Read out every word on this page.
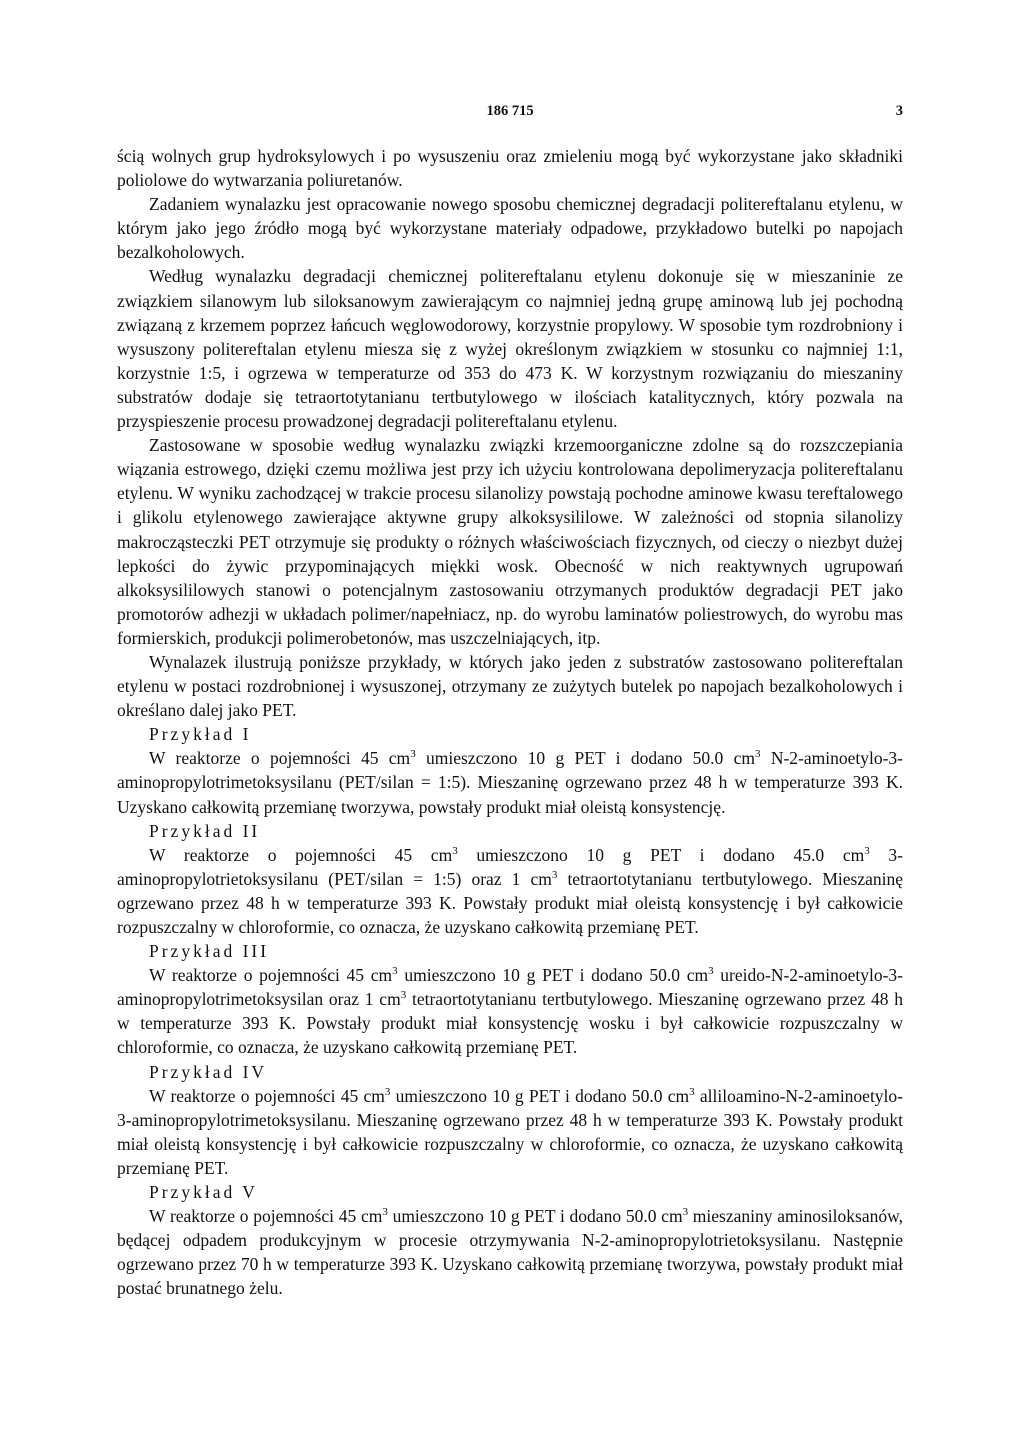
186 715	3

ścią wolnych grup hydroksylowych i po wysuszeniu oraz zmieleniu mogą być wykorzystane jako składniki poliolowe do wytwarzania poliuretanów.

Zadaniem wynalazku jest opracowanie nowego sposobu chemicznej degradacji politereftalanu etylenu, w którym jako jego źródło mogą być wykorzystane materiały odpadowe, przykładowo butelki po napojach bezalkoholowych.

Według wynalazku degradacji chemicznej politereftalanu etylenu dokonuje się w mieszaninie ze związkiem silanowym lub siloksanowym zawierającym co najmniej jedną grupę aminową lub jej pochodną związaną z krzemem poprzez łańcuch węglowodorowy, korzystnie propylowy. W sposobie tym rozdrobniony i wysuszony politereftalan etylenu miesza się z wyżej określonym związkiem w stosunku co najmniej 1:1, korzystnie 1:5, i ogrzewa w temperaturze od 353 do 473 K. W korzystnym rozwiązaniu do mieszaniny substratów dodaje się tetraortotytanianu tertbutylowego w ilościach katalitycznych, który pozwala na przyspieszenie procesu prowadzonej degradacji politereftalanu etylenu.

Zastosowane w sposobie według wynalazku związki krzemoorganiczne zdolne są do rozszczepiania wiązania estrowego, dzięki czemu możliwa jest przy ich użyciu kontrolowana depolimeryzacja politereftalanu etylenu. W wyniku zachodzącej w trakcie procesu silanolizy powstają pochodne aminowe kwasu tereftalowego i glikolu etylenowego zawierające aktywne grupy alkoksysililowe. W zależności od stopnia silanolizy makrocząsteczki PET otrzymuje się produkty o różnych właściwościach fizycznych, od cieczy o niezbyt dużej lepkości do żywic przypominających miękki wosk. Obecność w nich reaktywnych ugrupowań alkoksysililowych stanowi o potencjalnym zastosowaniu otrzymanych produktów degradacji PET jako promotorów adhezji w układach polimer/napełniacz, np. do wyrobu laminatów poliestrowych, do wyrobu mas formierskich, produkcji polimerobetonów, mas uszczelniających, itp.

Wynalazek ilustrują poniższe przykłady, w których jako jeden z substratów zastosowano politereftalan etylenu w postaci rozdrobnionej i wysuszonej, otrzymany ze zużytych butelek po napojach bezalkoholowych i określano dalej jako PET.

Przykład I

W reaktorze o pojemności 45 $cm^3$ umieszczono 10 g PET i dodano 50.0 $cm^3$ N-2-aminoetylo-3-aminopropylotrimetoksysilanu (PET/silan = 1:5). Mieszaninę ogrzewano przez 48 h w temperaturze 393 K. Uzyskano całkowitą przemianę tworzywa, powstały produkt miał oleistą konsystencję.

Przykład II

W reaktorze o pojemności 45 $cm^3$ umieszczono 10 g PET i dodano 45.0 $cm^3$ 3-aminopropylotrietoksysilanu (PET/silan = 1:5) oraz 1 $cm^3$ tetraortotytanianu tertbutylowego. Mieszaninę ogrzewano przez 48 h w temperaturze 393 K. Powstały produkt miał oleistą konsystencję i był całkowicie rozpuszczalny w chloroformie, co oznacza, że uzyskano całkowitą przemianę PET.

Przykład III

W reaktorze o pojemności 45 $cm^3$ umieszczono 10 g PET i dodano 50.0 $cm^3$ ureido-N-2-aminoetylo-3-aminopropylotrimetoksysilan oraz 1 $cm^3$ tetraortotytanianu tertbutylowego. Mieszaninę ogrzewano przez 48 h w temperaturze 393 K. Powstały produkt miał konsystencję wosku i był całkowicie rozpuszczalny w chloroformie, co oznacza, że uzyskano całkowitą przemianę PET.

Przykład IV

W reaktorze o pojemności 45 $cm^3$ umieszczono 10 g PET i dodano 50.0 $cm^3$ alliloamino-N-2-aminoetylo-3-aminopropylotrimetoksysilanu. Mieszaninę ogrzewano przez 48 h w temperaturze 393 K. Powstały produkt miał oleistą konsystencję i był całkowicie rozpuszczalny w chloroformie, co oznacza, że uzyskano całkowitą przemianę PET.

Przykład V

W reaktorze o pojemności 45 $cm^3$ umieszczono 10 g PET i dodano 50.0 $cm^3$ mieszaniny aminosiloksanów, będącej odpadem produkcyjnym w procesie otrzymywania N-2-aminopropylotrietoksysilanu. Następnie ogrzewano przez 70 h w temperaturze 393 K. Uzyskano całkowitą przemianę tworzywa, powstały produkt miał postać brunatnego żelu.
